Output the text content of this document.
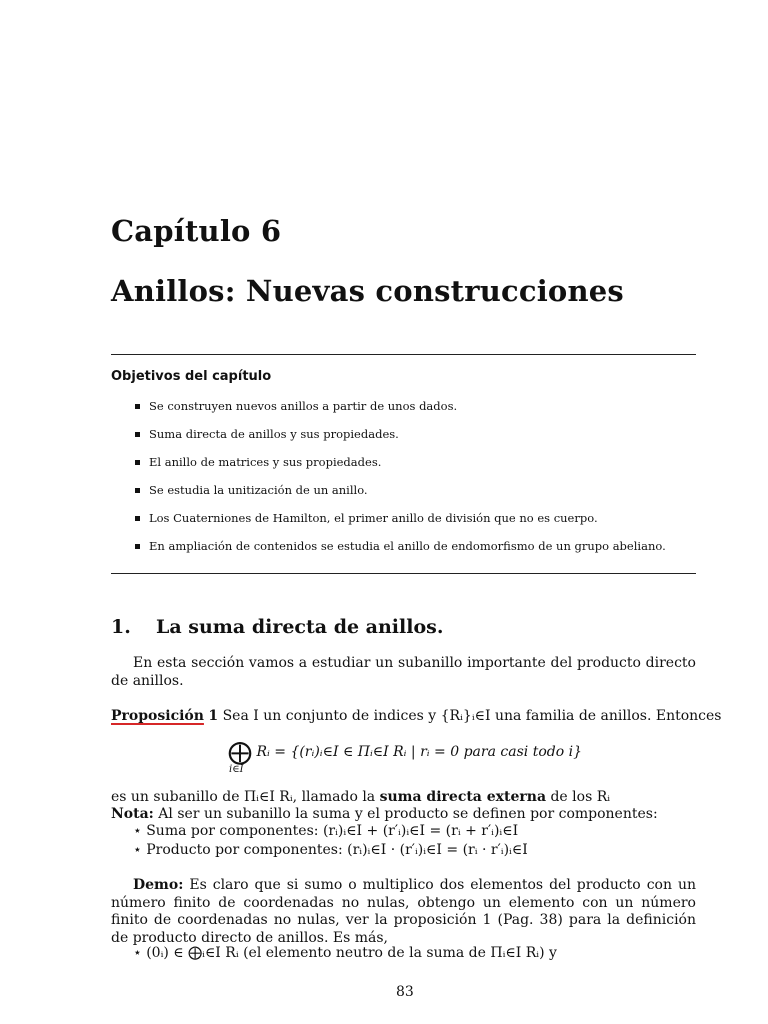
Capítulo 6
Anillos: Nuevas construcciones
Objetivos del capítulo
Se construyen nuevos anillos a partir de unos dados.
Suma directa de anillos y sus propiedades.
El anillo de matrices y sus propiedades.
Se estudia la unitización de un anillo.
Los Cuaterniones de Hamilton, el primer anillo de división que no es cuerpo.
En ampliación de contenidos se estudia el anillo de endomorfismo de un grupo abeliano.
1. La suma directa de anillos.
En esta sección vamos a estudiar un subanillo importante del producto directo de anillos.
Proposición 1 Sea I un conjunto de indices y {Rᵢ}ᵢ∈I una familia de anillos. Entonces
⨁ Rᵢ = {(rᵢ)ᵢ∈I ∈ Πᵢ∈I Rᵢ | rᵢ = 0 para casi todo i}
i∈I
es un subanillo de Πᵢ∈I Rᵢ, llamado la suma directa externa de los Rᵢ
Nota: Al ser un subanillo la suma y el producto se definen por componentes:
⋆ Suma por componentes: (rᵢ)ᵢ∈I + (r′ᵢ)ᵢ∈I = (rᵢ + r′ᵢ)ᵢ∈I
⋆ Producto por componentes: (rᵢ)ᵢ∈I · (r′ᵢ)ᵢ∈I = (rᵢ · r′ᵢ)ᵢ∈I
Demo: Es claro que si sumo o multiplico dos elementos del producto con un número finito de coordenadas no nulas, obtengo un elemento con un número finito de coordenadas no nulas, ver la proposición 1 (Pag. 38) para la definición de producto directo de anillos. Es más,
⋆ (0ᵢ) ∈ ⨁ᵢ∈I Rᵢ (el elemento neutro de la suma de Πᵢ∈I Rᵢ) y
83
